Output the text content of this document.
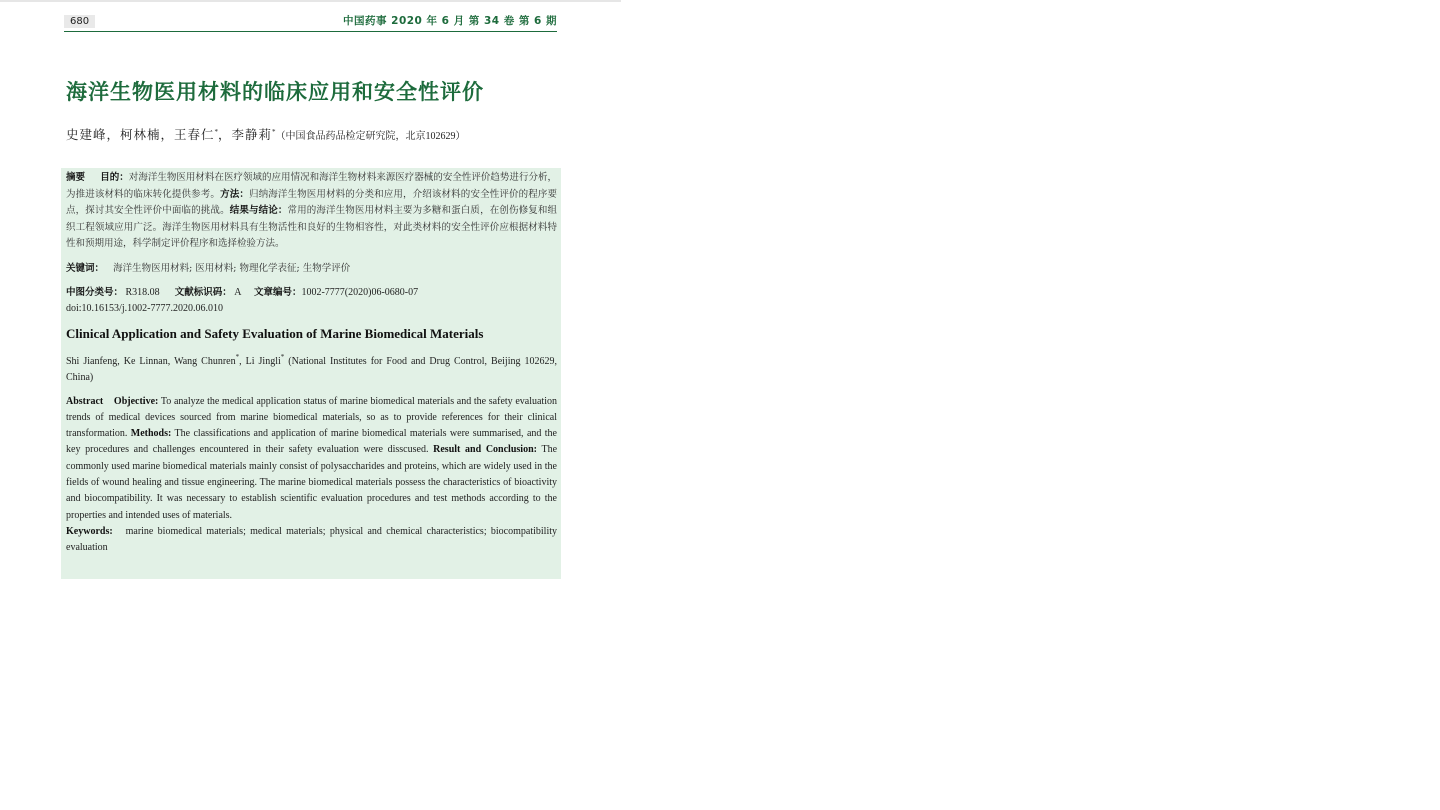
680	中国药事 2020 年 6 月 第 34 卷 第 6 期
海洋生物医用材料的临床应用和安全性评价
史建峰，柯林楠，王春仁*，李静莉*（中国食品药品检定研究院，北京102629）
摘要 目的：对海洋生物医用材料在医疗领域的应用情况和海洋生物材料来源医疗器械的安全性评价趋势进行分析，为推进该材料的临床转化提供参考。方法：归纳海洋生物医用材料的分类和应用，介绍该材料的安全性评价的程序要点，探讨其安全性评价中面临的挑战。结果与结论：常用的海洋生物医用材料主要为多糖和蛋白质，在创伤修复和组织工程领域应用广泛。海洋生物医用材料具有生物活性和良好的生物相容性，对此类材料的安全性评价应根据材料特性和预期用途，科学制定评价程序和选择检验方法。
关键词： 海洋生物医用材料; 医用材料; 物理化学表征; 生物学评价
中图分类号： R318.08 文献标识码： A 文章编号：1002-7777(2020)06-0680-07
doi:10.16153/j.1002-7777.2020.06.010
Clinical Application and Safety Evaluation of Marine Biomedical Materials
Shi Jianfeng, Ke Linnan, Wang Chunren*, Li Jingli* (National Institutes for Food and Drug Control, Beijing 102629, China)
Abstract Objective: To analyze the medical application status of marine biomedical materials and the safety evaluation trends of medical devices sourced from marine biomedical materials, so as to provide references for their clinical transformation. Methods: The classifications and application of marine biomedical materials were summarised, and the key procedures and challenges encountered in their safety evaluation were disscused. Result and Conclusion: The commonly used marine biomedical materials mainly consist of polysaccharides and proteins, which are widely used in the fields of wound healing and tissue engineering. The marine biomedical materials possess the characteristics of bioactivity and biocompatibility. It was necessary to establish scientific evaluation procedures and test methods according to the properties and intended uses of materials.
Keywords: marine biomedical materials; medical materials; physical and chemical characteristics; biocompatibility evaluation
